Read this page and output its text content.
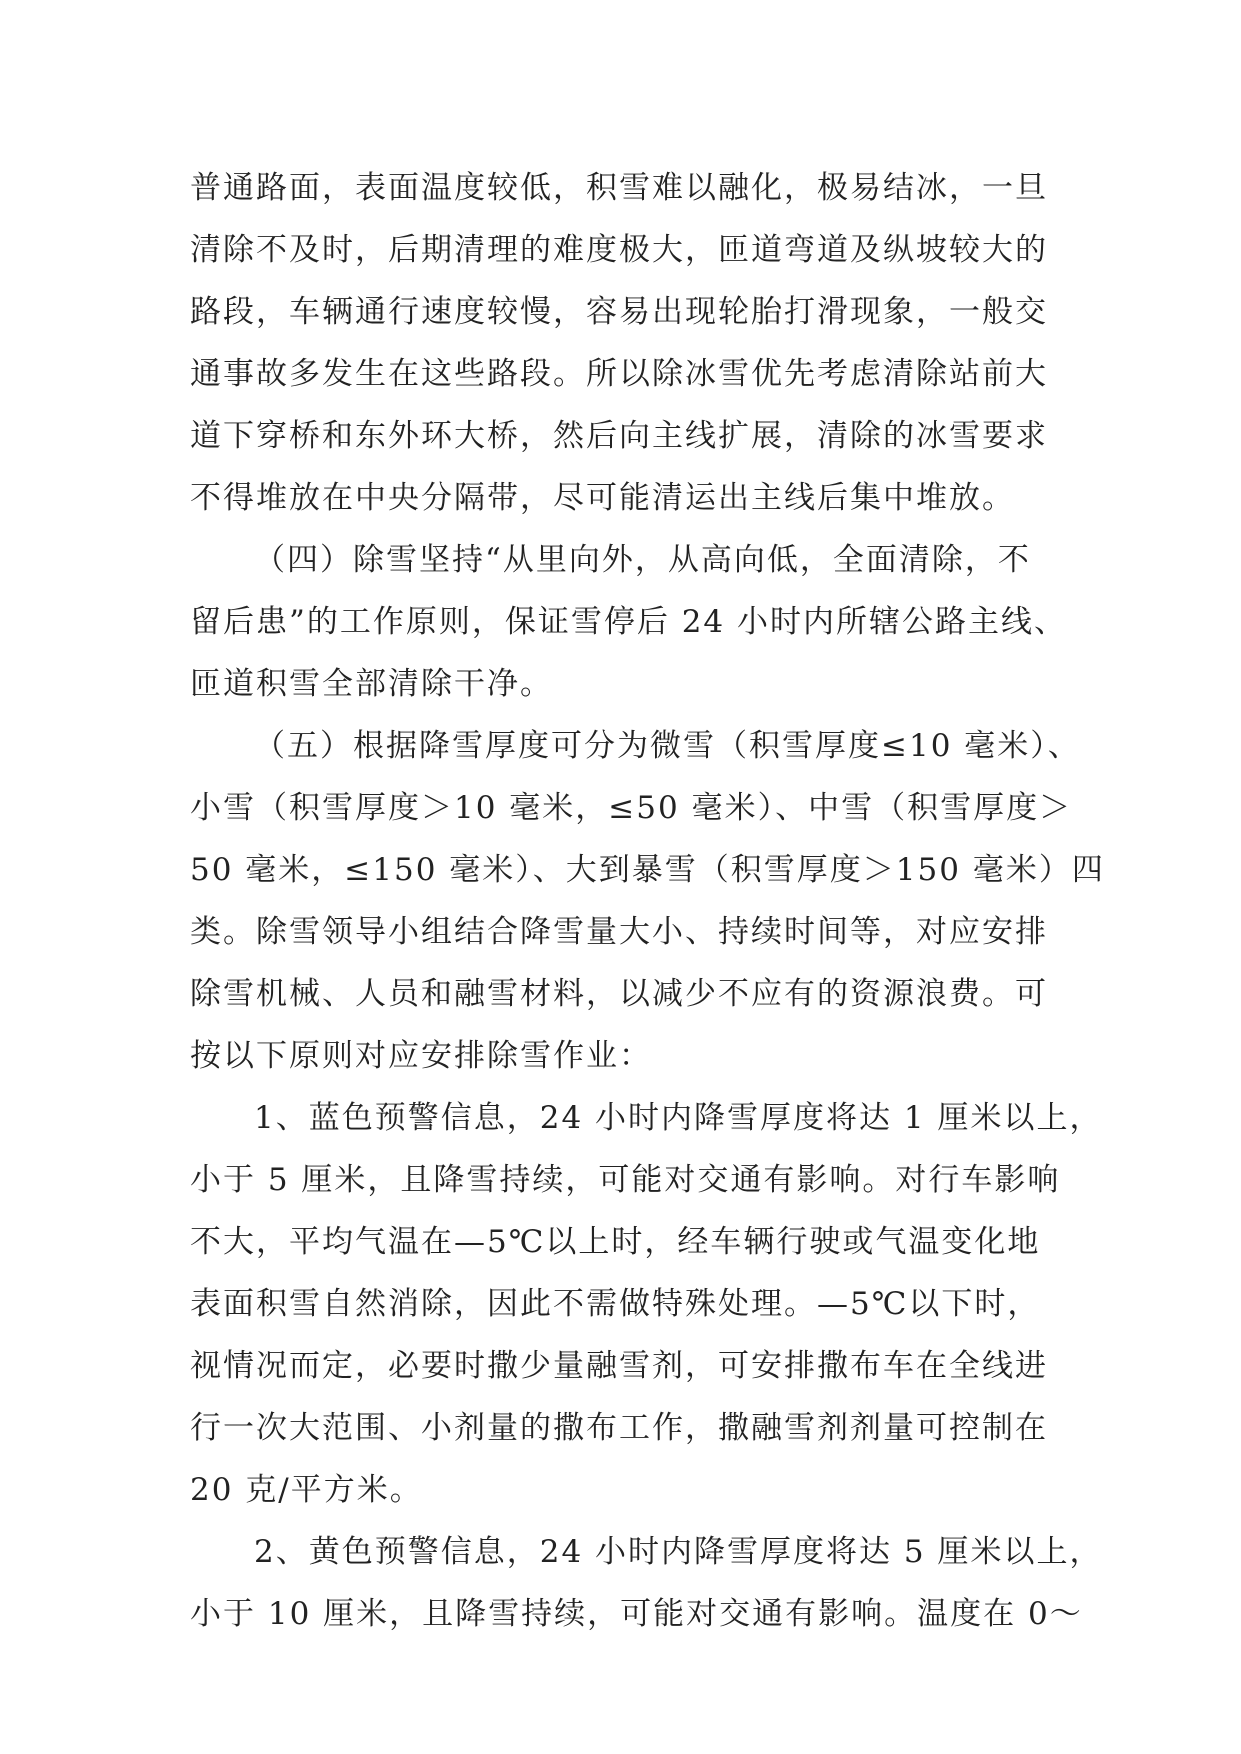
普通路面，表面温度较低，积雪难以融化，极易结冰，一旦
清除不及时，后期清理的难度极大，匝道弯道及纵坡较大的
路段，车辆通行速度较慢，容易出现轮胎打滑现象，一般交
通事故多发生在这些路段。所以除冰雪优先考虑清除站前大
道下穿桥和东外环大桥，然后向主线扩展，清除的冰雪要求
不得堆放在中央分隔带，尽可能清运出主线后集中堆放。
（四）除雪坚持“从里向外，从高向低，全面清除，不
留后患”的工作原则，保证雪停后 24 小时内所辖公路主线、
匝道积雪全部清除干净。
（五）根据降雪厚度可分为微雪（积雪厚度≤10 毫米）、
小雪（积雪厚度＞10 毫米，≤50 毫米）、中雪（积雪厚度＞
50 毫米，≤150 毫米）、大到暴雪（积雪厚度＞150 毫米）四
类。除雪领导小组结合降雪量大小、持续时间等，对应安排
除雪机械、人员和融雪材料，以减少不应有的资源浪费。可
按以下原则对应安排除雪作业：
1、蓝色预警信息，24 小时内降雪厚度将达 1 厘米以上，
小于 5 厘米，且降雪持续，可能对交通有影响。对行车影响
不大，平均气温在—5℃以上时，经车辆行驶或气温变化地
表面积雪自然消除，因此不需做特殊处理。—5℃以下时，
视情况而定，必要时撒少量融雪剂，可安排撒布车在全线进
行一次大范围、小剂量的撒布工作，撒融雪剂剂量可控制在
20 克/平方米。
2、黄色预警信息，24 小时内降雪厚度将达 5 厘米以上，
小于 10 厘米，且降雪持续，可能对交通有影响。温度在 0～
